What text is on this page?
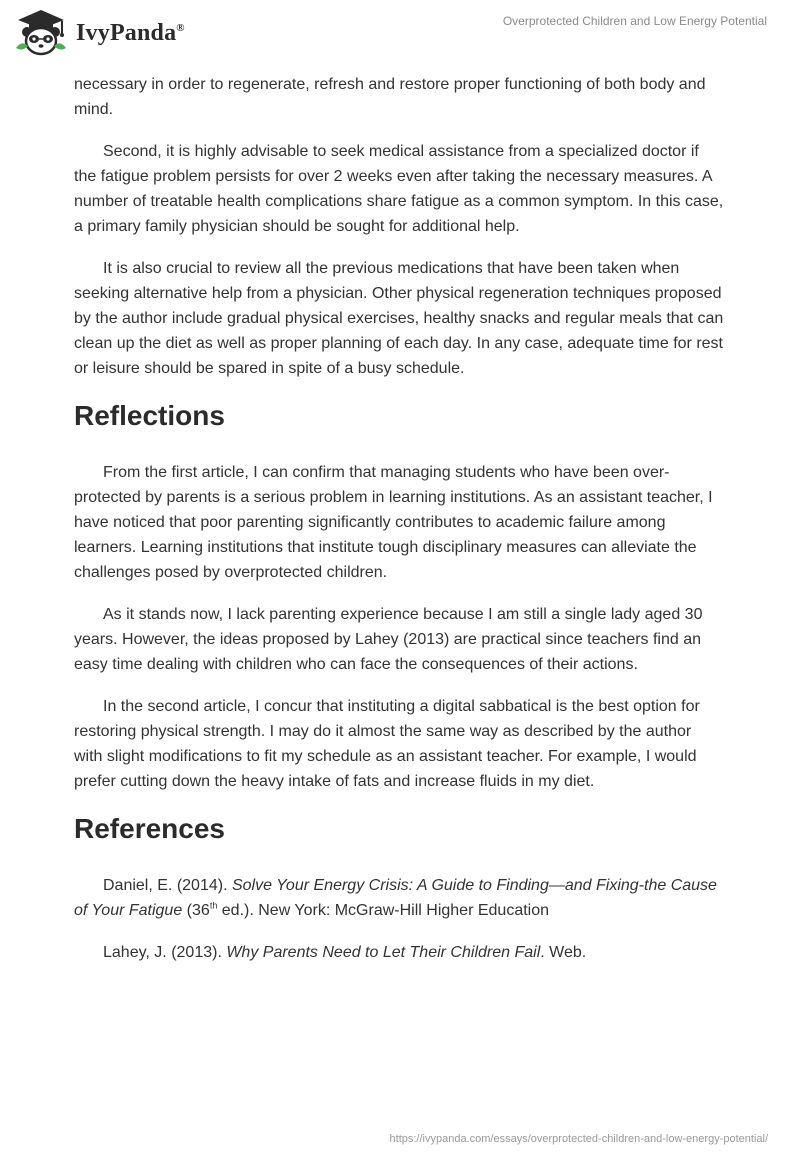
IvyPanda®	Overprotected Children and Low Energy Potential

necessary in order to regenerate, refresh and restore proper functioning of both body and mind.

Second, it is highly advisable to seek medical assistance from a specialized doctor if the fatigue problem persists for over 2 weeks even after taking the necessary measures. A number of treatable health complications share fatigue as a common symptom. In this case, a primary family physician should be sought for additional help.

It is also crucial to review all the previous medications that have been taken when seeking alternative help from a physician. Other physical regeneration techniques proposed by the author include gradual physical exercises, healthy snacks and regular meals that can clean up the diet as well as proper planning of each day. In any case, adequate time for rest or leisure should be spared in spite of a busy schedule.

Reflections

From the first article, I can confirm that managing students who have been over-protected by parents is a serious problem in learning institutions. As an assistant teacher, I have noticed that poor parenting significantly contributes to academic failure among learners. Learning institutions that institute tough disciplinary measures can alleviate the challenges posed by overprotected children.

As it stands now, I lack parenting experience because I am still a single lady aged 30 years. However, the ideas proposed by Lahey (2013) are practical since teachers find an easy time dealing with children who can face the consequences of their actions.

In the second article, I concur that instituting a digital sabbatical is the best option for restoring physical strength. I may do it almost the same way as described by the author with slight modifications to fit my schedule as an assistant teacher. For example, I would prefer cutting down the heavy intake of fats and increase fluids in my diet.

References

Daniel, E. (2014). Solve Your Energy Crisis: A Guide to Finding—and Fixing-the Cause of Your Fatigue (36th ed.). New York: McGraw-Hill Higher Education

Lahey, J. (2013). Why Parents Need to Let Their Children Fail. Web.

https://ivypanda.com/essays/overprotected-children-and-low-energy-potential/
